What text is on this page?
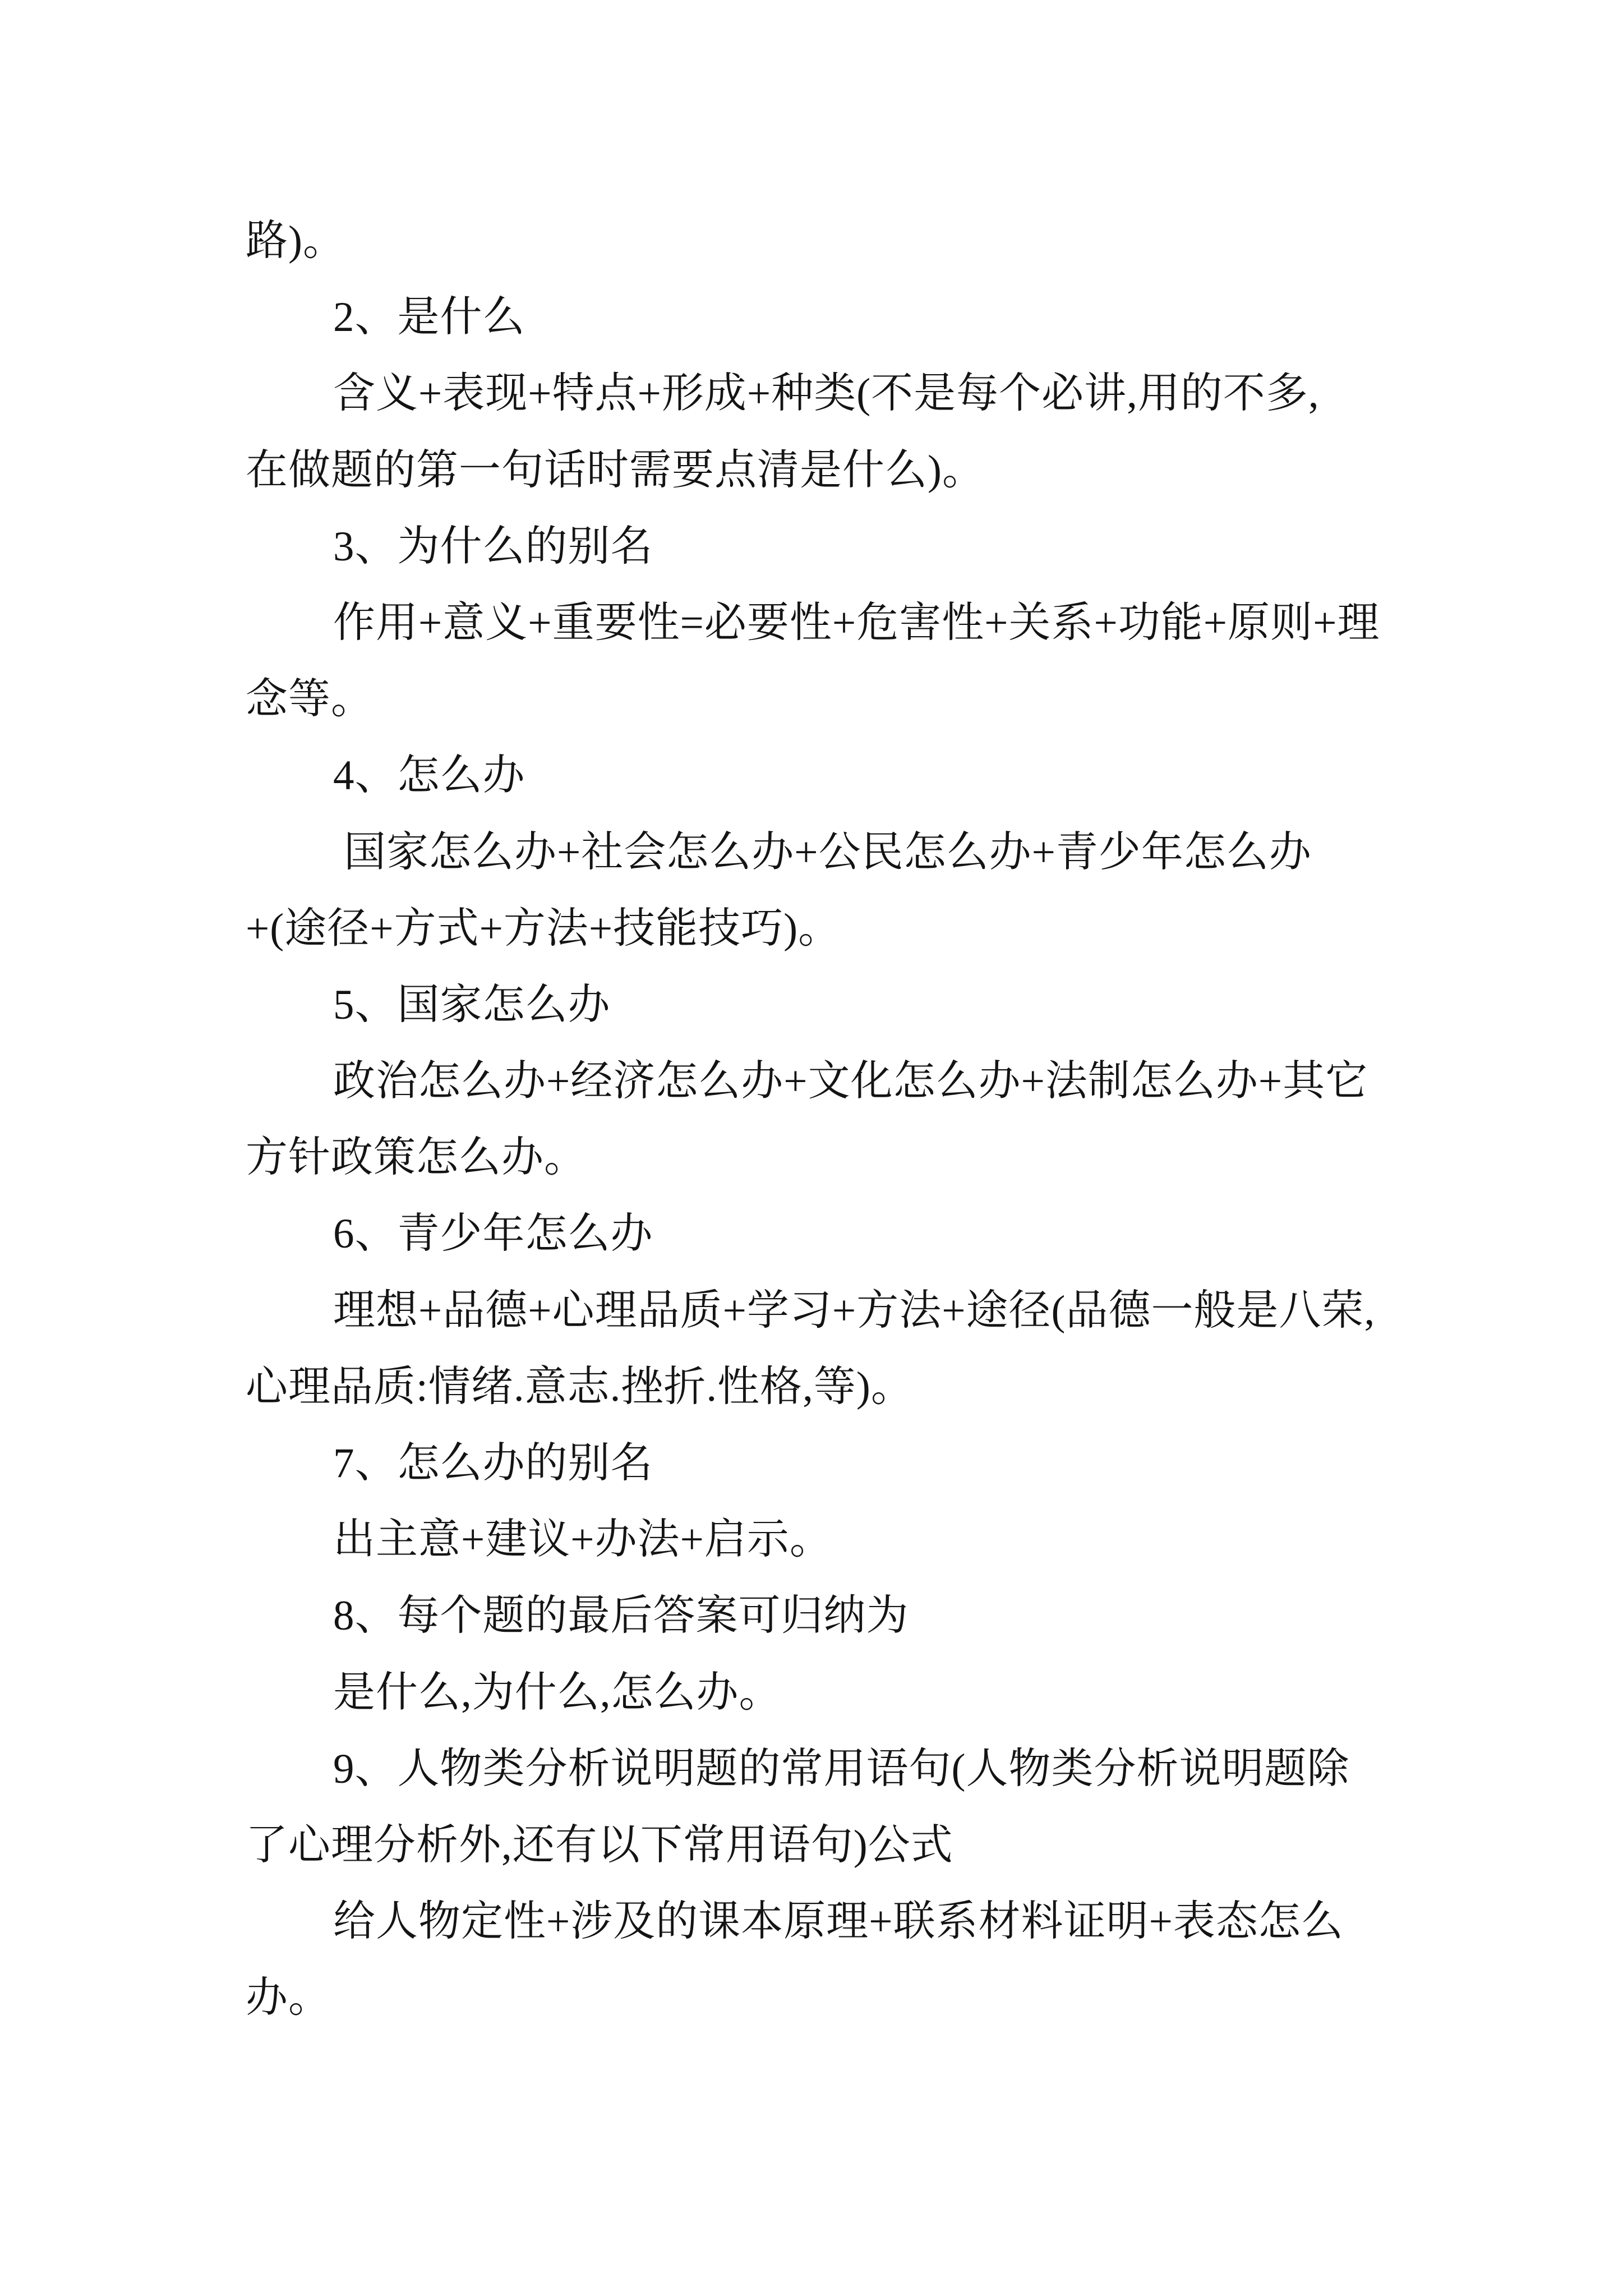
路)。
2、是什么
含义+表现+特点+形成+种类(不是每个必讲,用的不多,
在做题的第一句话时需要点清是什么)。
3、为什么的别名
作用+意义+重要性=必要性+危害性+关系+功能+原则+理
念等。
4、怎么办
国家怎么办+社会怎么办+公民怎么办+青少年怎么办
+(途径+方式+方法+技能技巧)。
5、国家怎么办
政治怎么办+经济怎么办+文化怎么办+法制怎么办+其它
方针政策怎么办。
6、青少年怎么办
理想+品德+心理品质+学习+方法+途径(品德一般是八荣,
心理品质:情绪.意志.挫折.性格,等)。
7、怎么办的别名
出主意+建议+办法+启示。
8、每个题的最后答案可归纳为
是什么,为什么,怎么办。
9、人物类分析说明题的常用语句(人物类分析说明题除
了心理分析外,还有以下常用语句)公式
给人物定性+涉及的课本原理+联系材料证明+表态怎么
办。
